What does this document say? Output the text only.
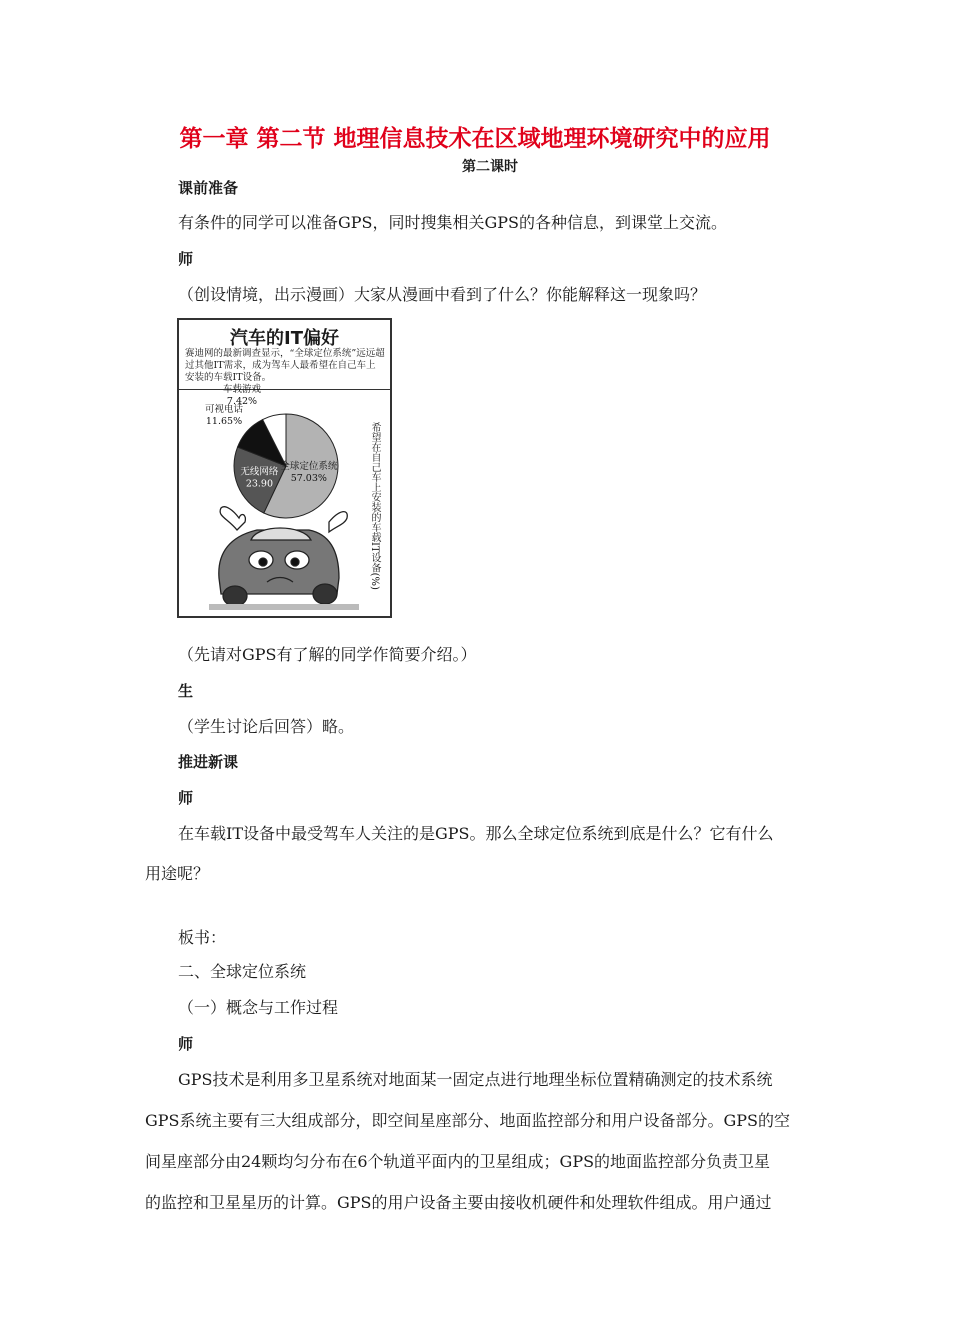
第一章 第二节 地理信息技术在区域地理环境研究中的应用
第二课时
课前准备
有条件的同学可以准备GPS，同时搜集相关GPS的各种信息，到课堂上交流。
师
（创设情境，出示漫画）大家从漫画中看到了什么？你能解释这一现象吗？
汽车的IT偏好
赛迪网的最新调查显示，“全球定位系统”远远超过其他IT需求，成为驾车人最希望在自己车上安装的车载IT设备。
全球定位系统
57.03%
无线网络
23.90
可视电话
11.65%
车载游戏
7.42%
希望在自己车上安装的车载IT设备(%)
（先请对GPS有了解的同学作简要介绍。）
生
（学生讨论后回答）略。
推进新课
师
在车载IT设备中最受驾车人关注的是GPS。那么全球定位系统到底是什么？它有什么
用途呢？
板书：
二、全球定位系统
（一）概念与工作过程
师
GPS技术是利用多卫星系统对地面某一固定点进行地理坐标位置精确测定的技术系统
GPS系统主要有三大组成部分，即空间星座部分、地面监控部分和用户设备部分。GPS的空
间星座部分由24颗均匀分布在6个轨道平面内的卫星组成；GPS的地面监控部分负责卫星
的监控和卫星星历的计算。GPS的用户设备主要由接收机硬件和处理软件组成。用户通过
